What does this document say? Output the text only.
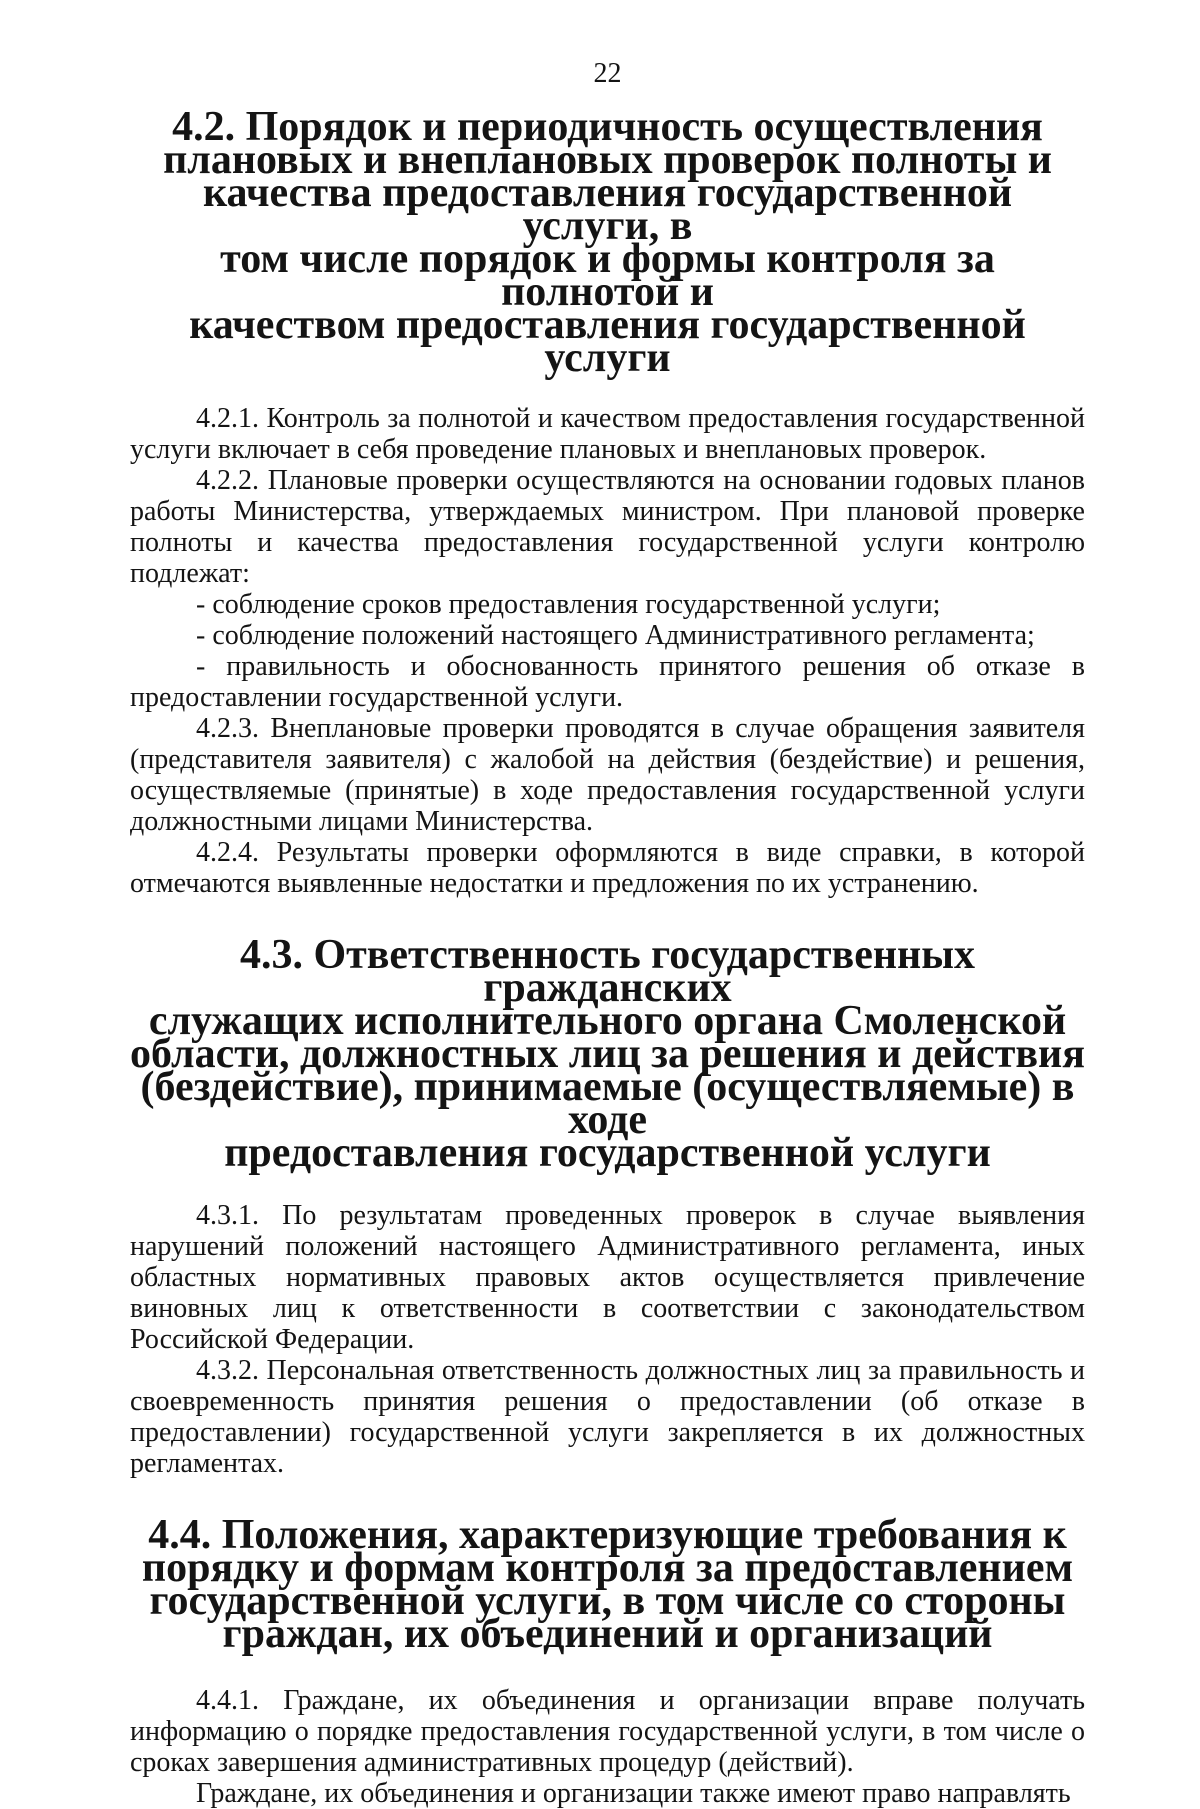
22
4.2. Порядок и периодичность осуществления
плановых и внеплановых проверок полноты и
качества предоставления государственной услуги, в
том числе порядок и формы контроля за полнотой и
качеством предоставления государственной услуги

4.2.1. Контроль за полнотой и качеством предоставления государственной услуги включает в себя проведение плановых и внеплановых проверок.

4.2.2. Плановые проверки осуществляются на основании годовых планов работы Министерства, утверждаемых министром. При плановой проверке полноты и качества предоставления государственной услуги контролю подлежат:

- соблюдение сроков предоставления государственной услуги;

- соблюдение положений настоящего Административного регламента;

- правильность и обоснованность принятого решения об отказе в предоставлении государственной услуги.

4.2.3. Внеплановые проверки проводятся в случае обращения заявителя (представителя заявителя) с жалобой на действия (бездействие) и решения, осуществляемые (принятые) в ходе предоставления государственной услуги должностными лицами Министерства.

4.2.4. Результаты проверки оформляются в виде справки, в которой отмечаются выявленные недостатки и предложения по их устранению.

4.3. Ответственность государственных гражданских
служащих исполнительного органа Смоленской
области, должностных лиц за решения и действия
(бездействие), принимаемые (осуществляемые) в ходе
предоставления государственной услуги

4.3.1. По результатам проведенных проверок в случае выявления нарушений положений настоящего Административного регламента, иных областных нормативных правовых актов осуществляется привлечение виновных лиц к ответственности в соответствии с законодательством Российской Федерации.

4.3.2. Персональная ответственность должностных лиц за правильность и своевременность принятия решения о предоставлении (об отказе в предоставлении) государственной услуги закрепляется в их должностных регламентах.

4.4. Положения, характеризующие требования к
порядку и формам контроля за предоставлением
государственной услуги, в том числе со стороны
граждан, их объединений и организаций

4.4.1. Граждане, их объединения и организации вправе получать информацию о порядке предоставления государственной услуги, в том числе о сроках завершения административных процедур (действий).

Граждане, их объединения и организации также имеют право направлять
